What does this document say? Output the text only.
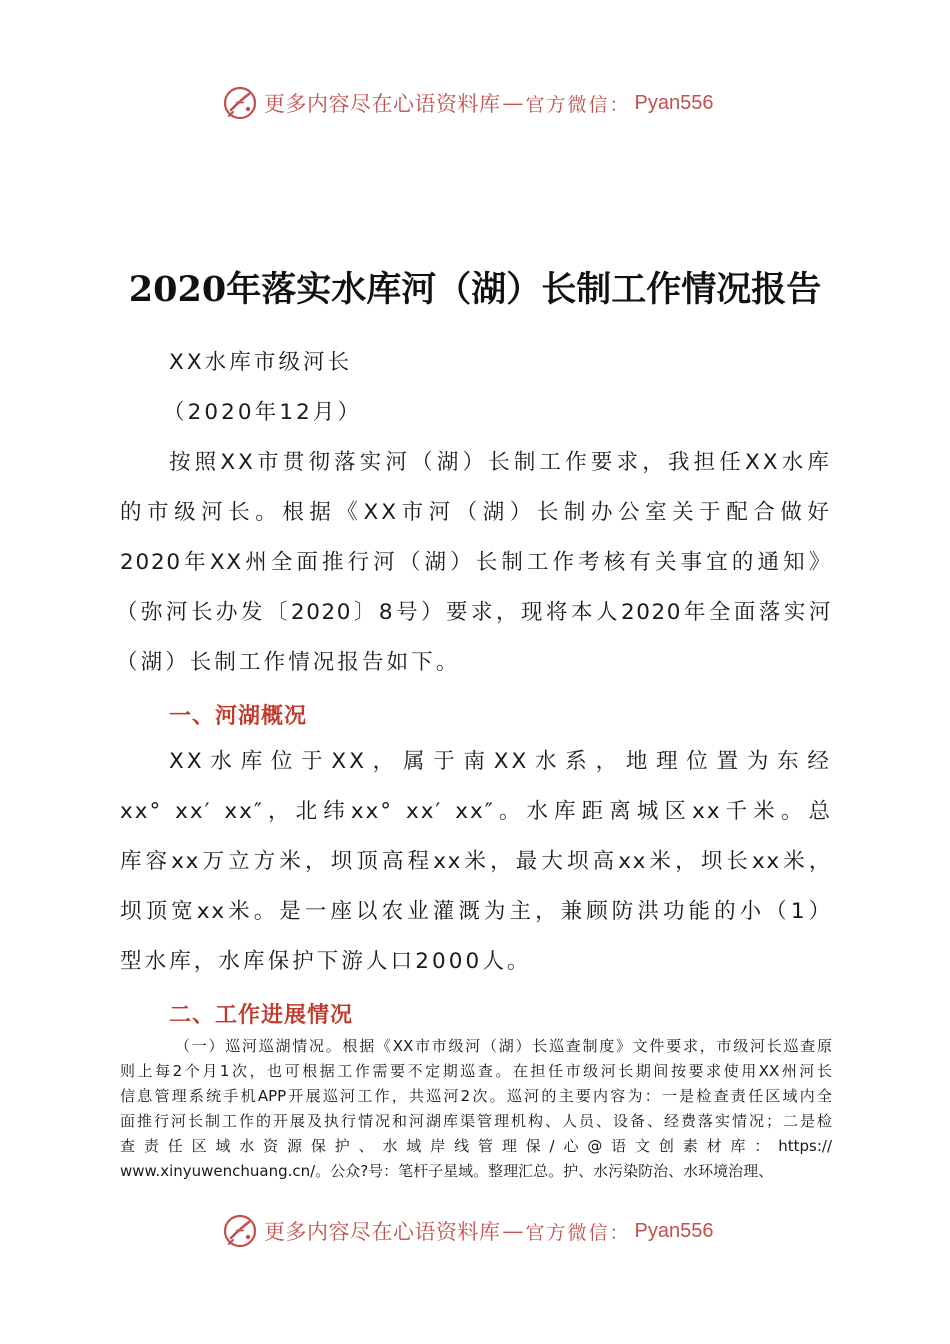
更多内容尽在心语资料库 — 官方微信： Pyan556
2020年落实水库河（湖）长制工作情况报告
XX水库市级河长
（2020年12月）
按照XX市贯彻落实河（湖）长制工作要求，我担任XX水库
的市级河长。根据《XX市河（湖）长制办公室关于配合做好
2020年XX州全面推行河（湖）长制工作考核有关事宜的通知》
（弥河长办发〔2020〕8号）要求，现将本人2020年全面落实河
（湖）长制工作情况报告如下。
一、河湖概况
XX水库位于XX，属于南XX水系，地理位置为东经
xx° xx′ xx″，北纬xx° xx′ xx″。水库距离城区xx千米。总
库容xx万立方米，坝顶高程xx米，最大坝高xx米，坝长xx米，
坝顶宽xx米。是一座以农业灌溉为主，兼顾防洪功能的小（1）
型水库，水库保护下游人口2000人。
二、工作进展情况
（一）巡河巡湖情况。根据《XX市市级河（湖）长巡查制度》文件要求，市级河长巡查原
则上每2个月1次，也可根据工作需要不定期巡查。在担任市级河长期间按要求使用XX州河长
信息管理系统手机APP开展巡河工作，共巡河2次。巡河的主要内容为：一是检查责任区域内全
面推行河长制工作的开展及执行情况和河湖库渠管理机构、人员、设备、经费落实情况；二是检
查责任区域水资源保护、水域岸线管理保/心@语文创素材库：https://
www.xinyuwenchuang.cn/。公众?号：笔杆子星域。整理汇总。护、水污染防治、水环境治理、
更多内容尽在心语资料库 — 官方微信： Pyan556
